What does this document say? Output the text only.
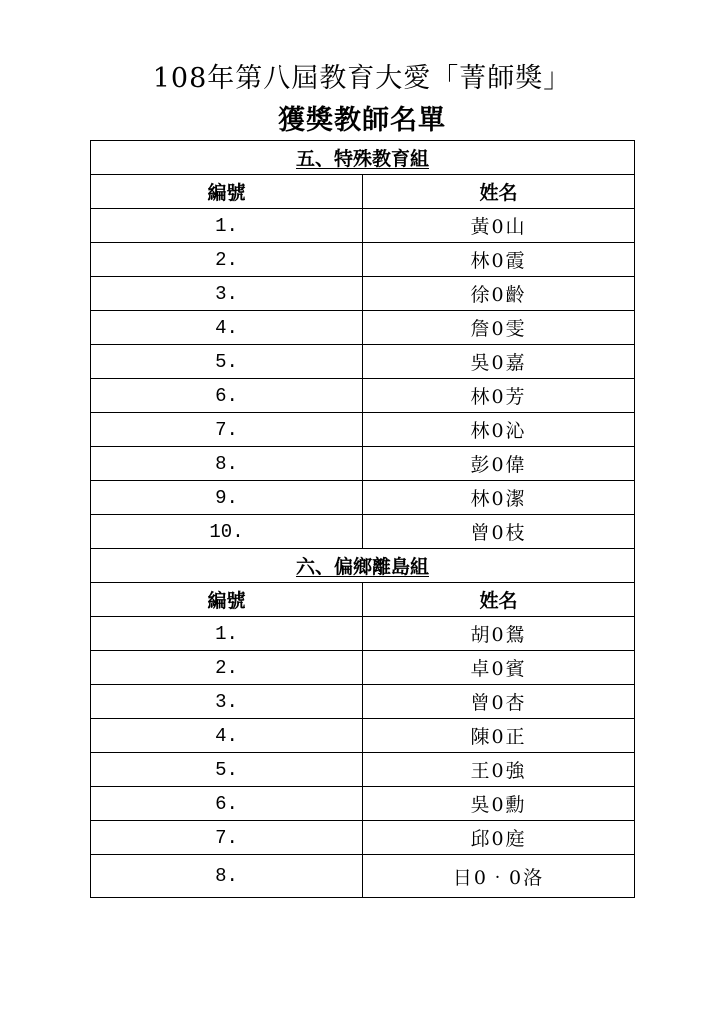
108年第八屆教育大愛「菁師獎」
獲獎教師名單
五、特殊教育組	
編號	姓名
1.	黃0山
2.	林0霞
3.	徐0齡
4.	詹0雯
5.	吳0嘉
6.	林0芳
7.	林0沁
8.	彭0偉
9.	林0潔
10.	曾0枝
六、偏鄉離島組	
編號	姓名
1.	胡0鴛
2.	卓0賓
3.	曾0杏
4.	陳0正
5.	王0強
6.	吳0勳
7.	邱0庭
8.	日0‧0洛
